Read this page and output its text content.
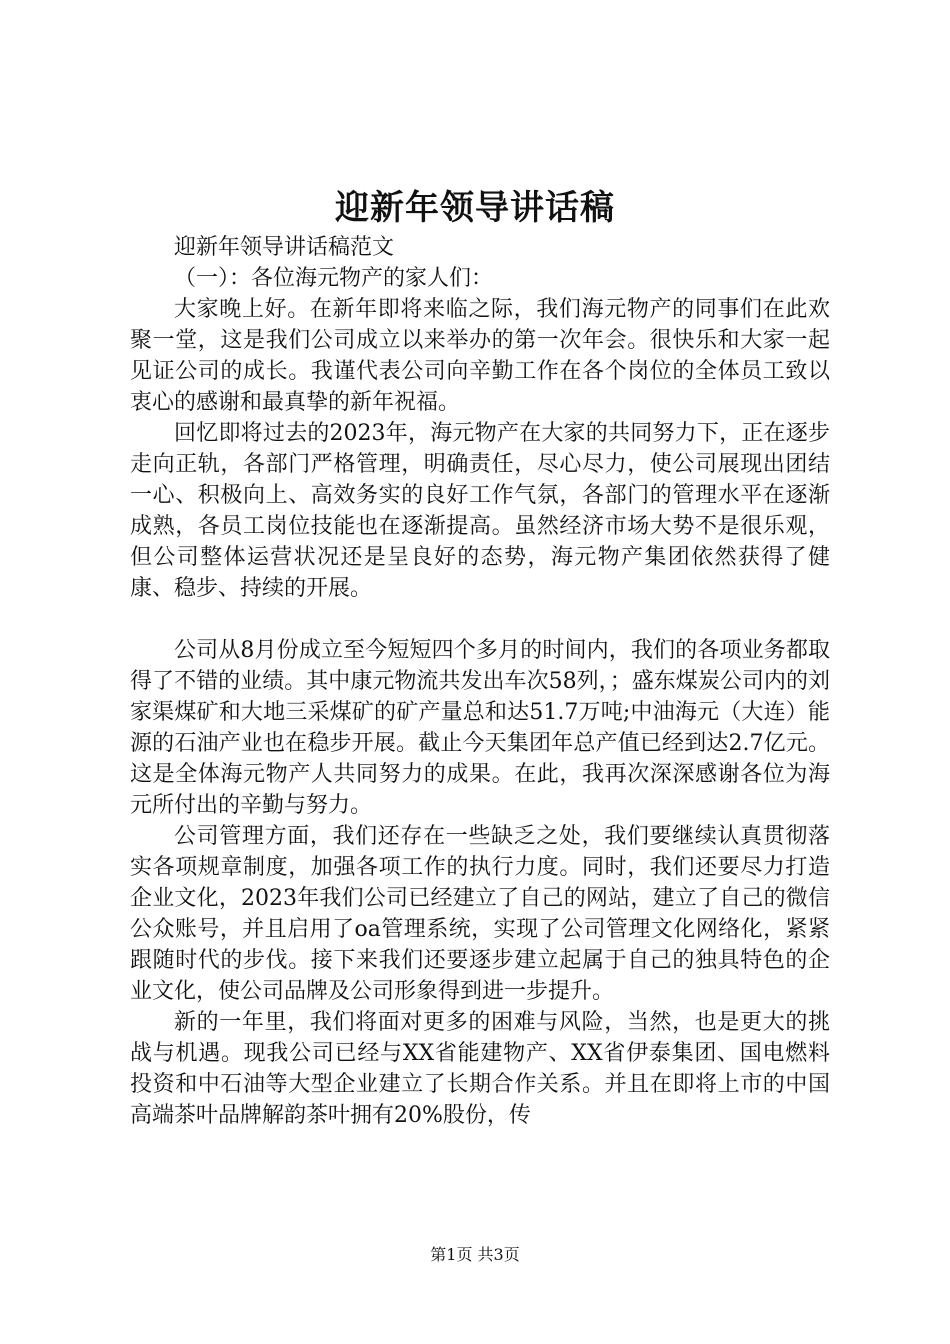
迎新年领导讲话稿

迎新年领导讲话稿范文

（一）：各位海元物产的家人们：

大家晚上好。在新年即将来临之际，我们海元物产的同事们在此欢聚一堂，这是我们公司成立以来举办的第一次年会。很快乐和大家一起见证公司的成长。我谨代表公司向辛勤工作在各个岗位的全体员工致以衷心的感谢和最真挚的新年祝福。

回忆即将过去的2023年，海元物产在大家的共同努力下，正在逐步走向正轨，各部门严格管理，明确责任，尽心尽力，使公司展现出团结一心、积极向上、高效务实的良好工作气氛，各部门的管理水平在逐渐成熟，各员工岗位技能也在逐渐提高。虽然经济市场大势不是很乐观，但公司整体运营状况还是呈良好的态势，海元物产集团依然获得了健康、稳步、持续的开展。

公司从8月份成立至今短短四个多月的时间内，我们的各项业务都取得了不错的业绩。其中康元物流共发出车次58列，；盛东煤炭公司内的刘家渠煤矿和大地三采煤矿的矿产量总和达51.7万吨;中油海元（大连）能源的石油产业也在稳步开展。截止今天集团年总产值已经到达2.7亿元。这是全体海元物产人共同努力的成果。在此，我再次深深感谢各位为海元所付出的辛勤与努力。

公司管理方面，我们还存在一些缺乏之处，我们要继续认真贯彻落实各项规章制度，加强各项工作的执行力度。同时，我们还要尽力打造企业文化，2023年我们公司已经建立了自己的网站，建立了自己的微信公众账号，并且启用了oa管理系统，实现了公司管理文化网络化，紧紧跟随时代的步伐。接下来我们还要逐步建立起属于自己的独具特色的企业文化，使公司品牌及公司形象得到进一步提升。

新的一年里，我们将面对更多的困难与风险，当然，也是更大的挑战与机遇。现我公司已经与XX省能建物产、XX省伊泰集团、国电燃料投资和中石油等大型企业建立了长期合作关系。并且在即将上市的中国高端茶叶品牌解韵茶叶拥有20%股份，传

第1页 共3页
